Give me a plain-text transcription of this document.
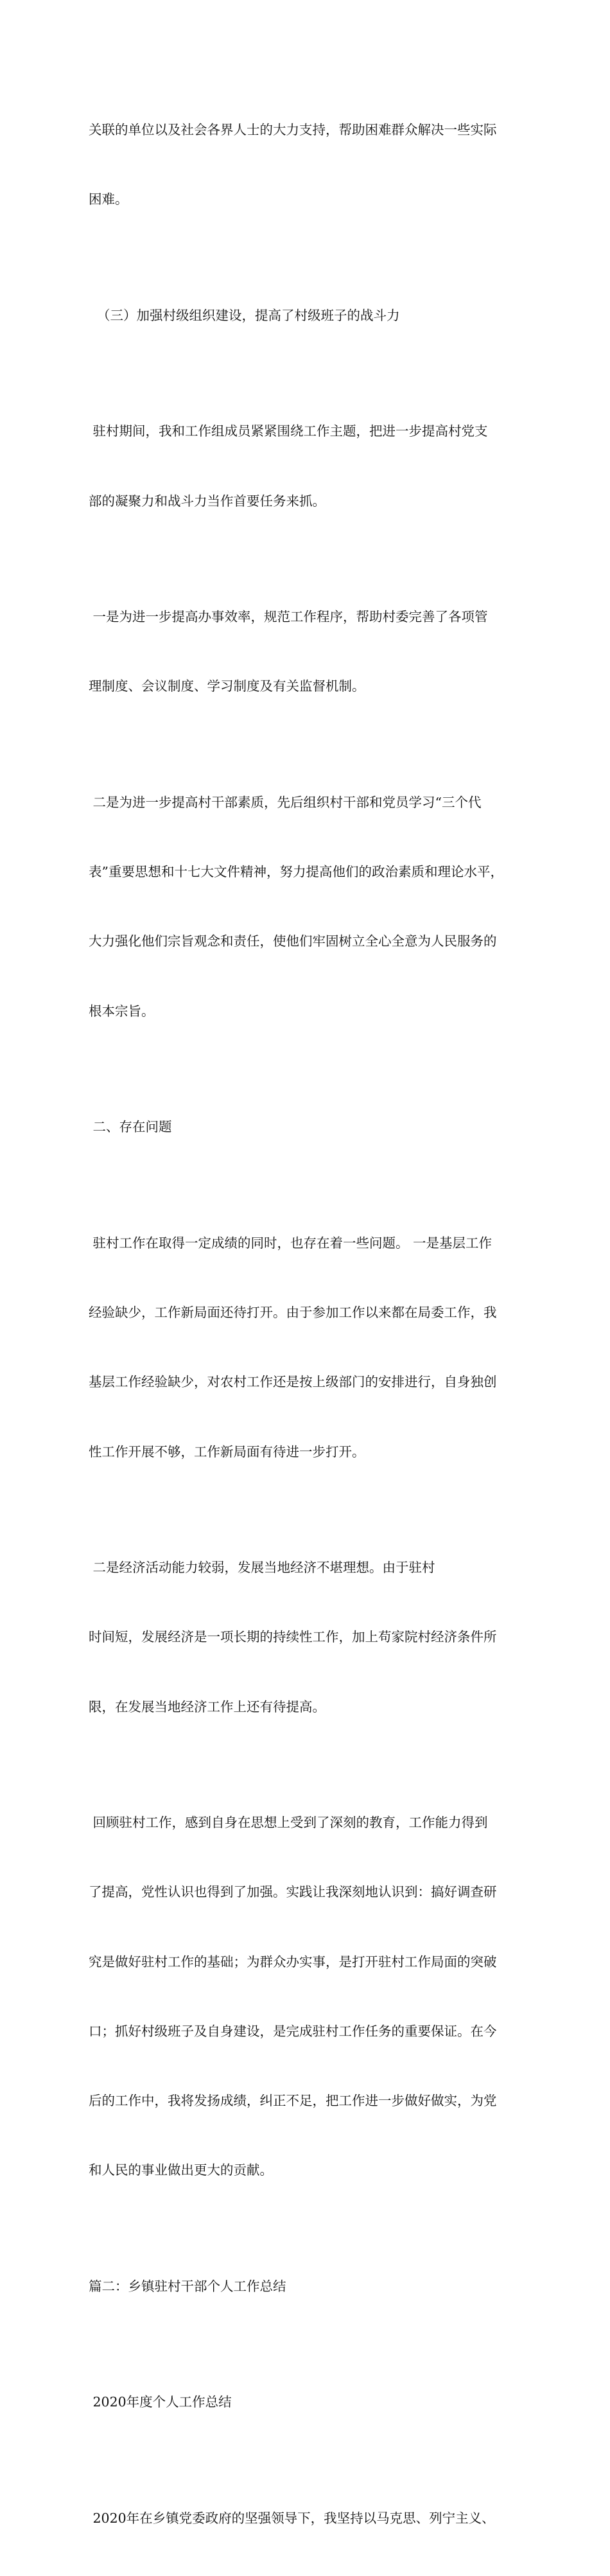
关联的单位以及社会各界人士的大力支持，帮助困难群众解决一些实际

困难。

（三）加强村级组织建设，提高了村级班子的战斗力

驻村期间，我和工作组成员紧紧围绕工作主题，把进一步提高村党支

部的凝聚力和战斗力当作首要任务来抓。

一是为进一步提高办事效率，规范工作程序，帮助村委完善了各项管

理制度、会议制度、学习制度及有关监督机制。

二是为进一步提高村干部素质，先后组织村干部和党员学习“三个代

表”重要思想和十七大文件精神，努力提高他们的政治素质和理论水平，

大力强化他们宗旨观念和责任，使他们牢固树立全心全意为人民服务的

根本宗旨。

二、存在问题

驻村工作在取得一定成绩的同时，也存在着一些问题。 一是基层工作

经验缺少，工作新局面还待打开。由于参加工作以来都在局委工作，我

基层工作经验缺少，对农村工作还是按上级部门的安排进行，自身独创

性工作开展不够，工作新局面有待进一步打开。

二是经济活动能力较弱，发展当地经济不堪理想。由于驻村

时间短，发展经济是一项长期的持续性工作，加上苟家院村经济条件所

限，在发展当地经济工作上还有待提高。

回顾驻村工作，感到自身在思想上受到了深刻的教育，工作能力得到

了提高，党性认识也得到了加强。实践让我深刻地认识到：搞好调查研

究是做好驻村工作的基础；为群众办实事，是打开驻村工作局面的突破

口；抓好村级班子及自身建设，是完成驻村工作任务的重要保证。在今

后的工作中，我将发扬成绩，纠正不足，把工作进一步做好做实，为党

和人民的事业做出更大的贡献。

篇二：乡镇驻村干部个人工作总结

2020年度个人工作总结

2020年在乡镇党委政府的坚强领导下，我坚持以马克思、列宁主义、
